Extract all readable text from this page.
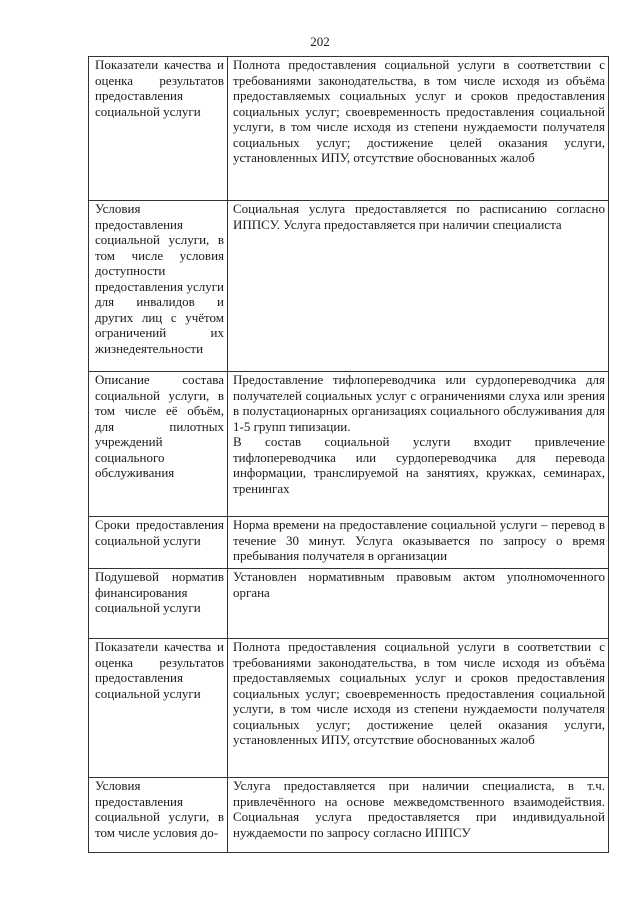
202
Показатели качества и оценка результатов предоставления социальной услуги	Полнота предоставления социальной услуги в соответствии с требованиями законодательства, в том числе исходя из объёма предоставляемых социальных услуг и сроков предоставления социальных услуг; своевременность предоставления социальной услуги, в том числе исходя из степени нуждаемости получателя социальных услуг; достижение целей оказания услуги, установленных ИПУ, отсутствие обоснованных жалоб
Условия предоставления социальной услуги, в том числе условия доступности предоставления услуги для инвалидов и других лиц с учётом ограничений их жизнедеятельности	Социальная услуга предоставляется по расписанию согласно ИППСУ. Услуга предоставляется при наличии специалиста
Описание состава социальной услуги, в том числе её объём, для пилотных учреждений социального обслуживания	Предоставление тифлопереводчика или сурдопереводчика для получателей социальных услуг с ограничениями слуха или зрения в полустационарных организациях социального обслуживания для 1-5 групп типизации.
В состав социальной услуги входит привлечение тифлопереводчика или сурдопереводчика для перевода информации, транслируемой на занятиях, кружках, семинарах, тренингах

Сроки предоставления социальной услуги	Норма времени на предоставление социальной услуги – перевод в течение 30 минут. Услуга оказывается по запросу о время пребывания получателя в организации
Подушевой норматив финансирования социальной услуги	Установлен нормативным правовым актом уполномоченного органа
Показатели качества и оценка результатов предоставления социальной услуги	Полнота предоставления социальной услуги в соответствии с требованиями законодательства, в том числе исходя из объёма предоставляемых социальных услуг и сроков предоставления социальных услуг; своевременность предоставления социальной услуги, в том числе исходя из степени нуждаемости получателя социальных услуг; достижение целей оказания услуги, установленных ИПУ, отсутствие обоснованных жалоб
Условия предоставления социальной услуги, в том числе условия до-	Услуга предоставляется при наличии специалиста, в т.ч. привлечённого на основе межведомственного взаимодействия. Социальная услуга предоставляется при индивидуальной нуждаемости по запросу согласно ИППСУ
